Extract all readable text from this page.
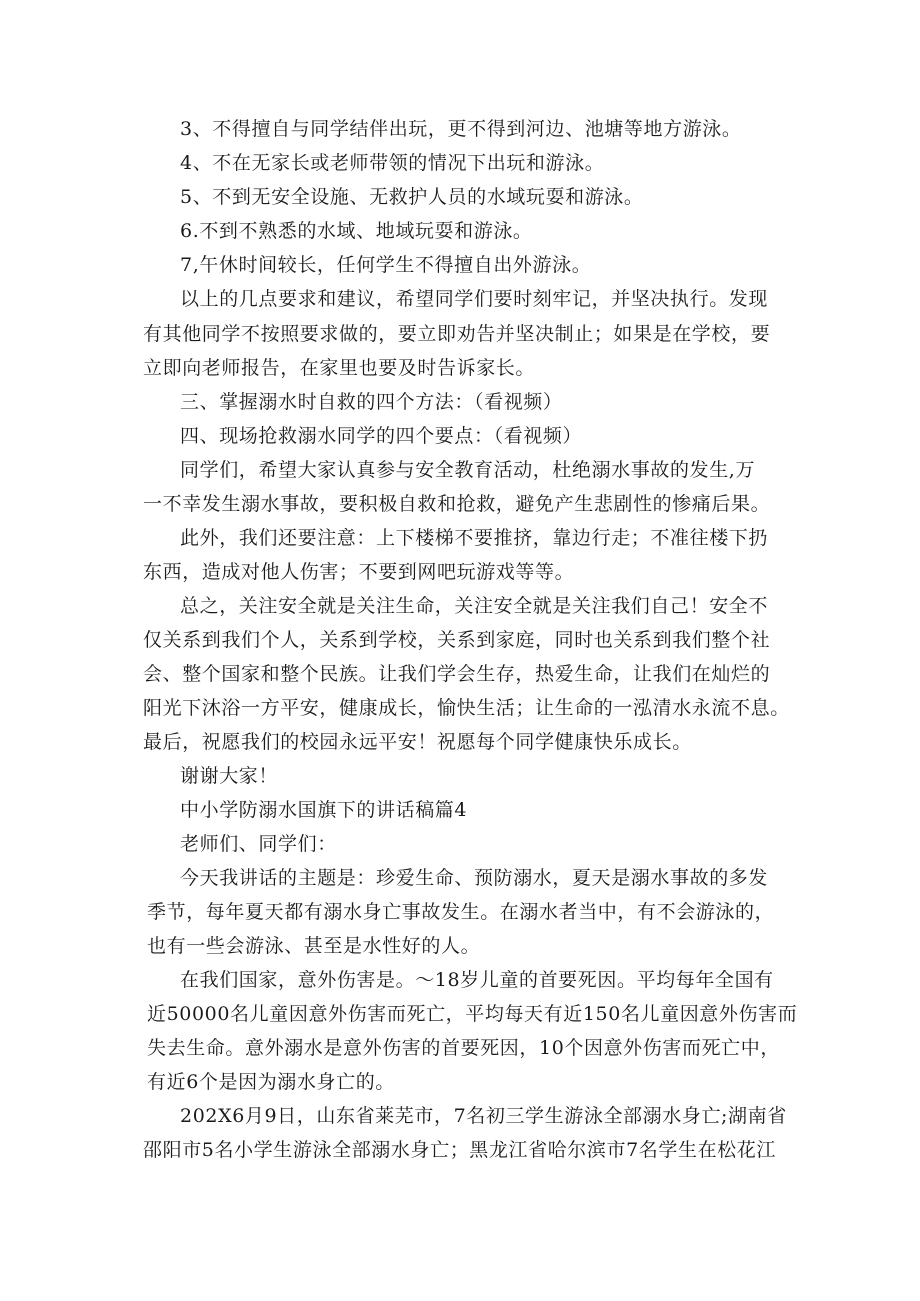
3、不得擅自与同学结伴出玩，更不得到河边、池塘等地方游泳。
4、不在无家长或老师带领的情况下出玩和游泳。
5、不到无安全设施、无救护人员的水域玩耍和游泳。
6.不到不熟悉的水域、地域玩耍和游泳。
7,午休时间较长，任何学生不得擅自出外游泳。
以上的几点要求和建议，希望同学们要时刻牢记，并坚决执行。发现
有其他同学不按照要求做的，要立即劝告并坚决制止；如果是在学校，要
立即向老师报告，在家里也要及时告诉家长。
三、掌握溺水时自救的四个方法：（看视频）
四、现场抢救溺水同学的四个要点：（看视频）
同学们，希望大家认真参与安全教育活动，杜绝溺水事故的发生,万
一不幸发生溺水事故，要积极自救和抢救，避免产生悲剧性的惨痛后果。
此外，我们还要注意：上下楼梯不要推挤，靠边行走；不准往楼下扔
东西，造成对他人伤害；不要到网吧玩游戏等等。
总之，关注安全就是关注生命，关注安全就是关注我们自己！安全不
仅关系到我们个人，关系到学校，关系到家庭，同时也关系到我们整个社
会、整个国家和整个民族。让我们学会生存，热爱生命，让我们在灿烂的
阳光下沐浴一方平安，健康成长，愉快生活；让生命的一泓清水永流不息。
最后，祝愿我们的校园永远平安！祝愿每个同学健康快乐成长。
谢谢大家！
中小学防溺水国旗下的讲话稿篇4
老师们、同学们：
今天我讲话的主题是：珍爱生命、预防溺水，夏天是溺水事故的多发
季节，每年夏天都有溺水身亡事故发生。在溺水者当中，有不会游泳的，
也有一些会游泳、甚至是水性好的人。
在我们国家，意外伤害是。～18岁儿童的首要死因。平均每年全国有
近50000名儿童因意外伤害而死亡，平均每天有近150名儿童因意外伤害而
失去生命。意外溺水是意外伤害的首要死因，10个因意外伤害而死亡中，
有近6个是因为溺水身亡的。
202X6月9日，山东省莱芜市，7名初三学生游泳全部溺水身亡;湖南省
邵阳市5名小学生游泳全部溺水身亡；黑龙江省哈尔滨市7名学生在松花江
